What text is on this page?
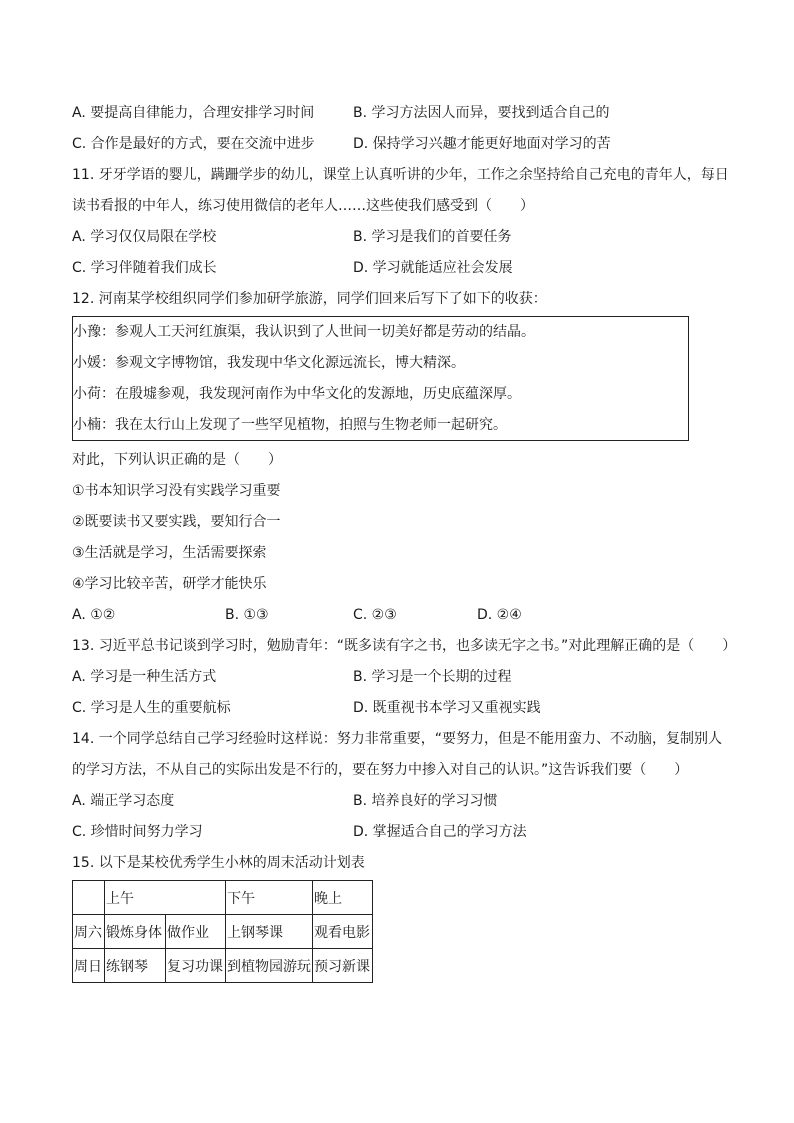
A. 要提高自律能力，合理安排学习时间	B. 学习方法因人而异，要找到适合自己的
C. 合作是最好的方式，要在交流中进步	D. 保持学习兴趣才能更好地面对学习的苦
11. 牙牙学语的婴儿，蹒跚学步的幼儿，课堂上认真听讲的少年，工作之余坚持给自己充电的青年人，每日
读书看报的中年人，练习使用微信的老年人……这些使我们感受到（　　）
A. 学习仅仅局限在学校	B. 学习是我们的首要任务
C. 学习伴随着我们成长	D. 学习就能适应社会发展
12. 河南某学校组织同学们参加研学旅游，同学们回来后写下了如下的收获：
小豫：参观人工天河红旗渠，我认识到了人世间一切美好都是劳动的结晶。
小媛：参观文字博物馆，我发现中华文化源远流长，博大精深。
小荷：在殷墟参观，我发现河南作为中华文化的发源地，历史底蕴深厚。
小楠：我在太行山上发现了一些罕见植物，拍照与生物老师一起研究。
对此，下列认识正确的是（　　）
①书本知识学习没有实践学习重要
②既要读书又要实践，要知行合一
③生活就是学习，生活需要探索
④学习比较辛苦，研学才能快乐
A. ①②	B. ①③	C. ②③	D. ②④
13. 习近平总书记谈到学习时，勉励青年：“既多读有字之书，也多读无字之书。”对此理解正确的是（　　）
A. 学习是一种生活方式	B. 学习是一个长期的过程
C. 学习是人生的重要航标	D. 既重视书本学习又重视实践
14. 一个同学总结自己学习经验时这样说：努力非常重要，“要努力，但是不能用蛮力、不动脑，复制别人
的学习方法，不从自己的实际出发是不行的，要在努力中掺入对自己的认识。”这告诉我们要（　　）
A. 端正学习态度	B. 培养良好的学习习惯
C. 珍惜时间努力学习	D. 掌握适合自己的学习方法
15. 以下是某校优秀学生小林的周末活动计划表
	上午		下午	晚上
周六	锻炼身体	做作业	上钢琴课	观看电影
周日	练钢琴	复习功课	到植物园游玩	预习新课
